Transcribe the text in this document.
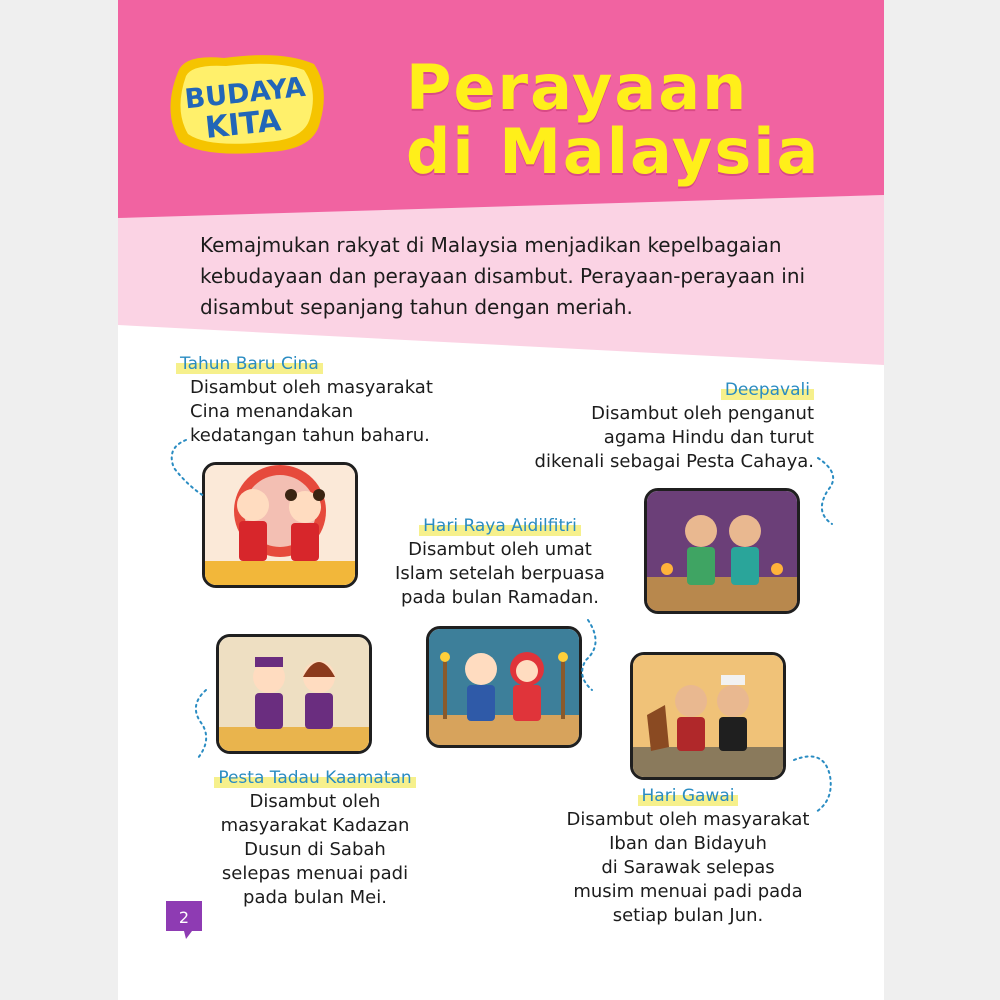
BUDAYA
KITA
Perayaan
di Malaysia

Kemajmukan rakyat di Malaysia menjadikan kepelbagaian kebudayaan dan perayaan disambut. Perayaan-perayaan ini disambut sepanjang tahun dengan meriah.

Tahun Baru Cina

Disambut oleh masyarakat
Cina menandakan
kedatangan tahun baharu.

Deepavali

Disambut oleh penganut
agama Hindu dan turut
dikenali sebagai Pesta Cahaya.

Hari Raya Aidilfitri

Disambut oleh umat
Islam setelah berpuasa
pada bulan Ramadan.

Pesta Tadau Kaamatan

Disambut oleh
masyarakat Kadazan
Dusun di Sabah
selepas menuai padi
pada bulan Mei.

Hari Gawai

Disambut oleh masyarakat
Iban dan Bidayuh
di Sarawak selepas
musim menuai padi pada
setiap bulan Jun.

2
